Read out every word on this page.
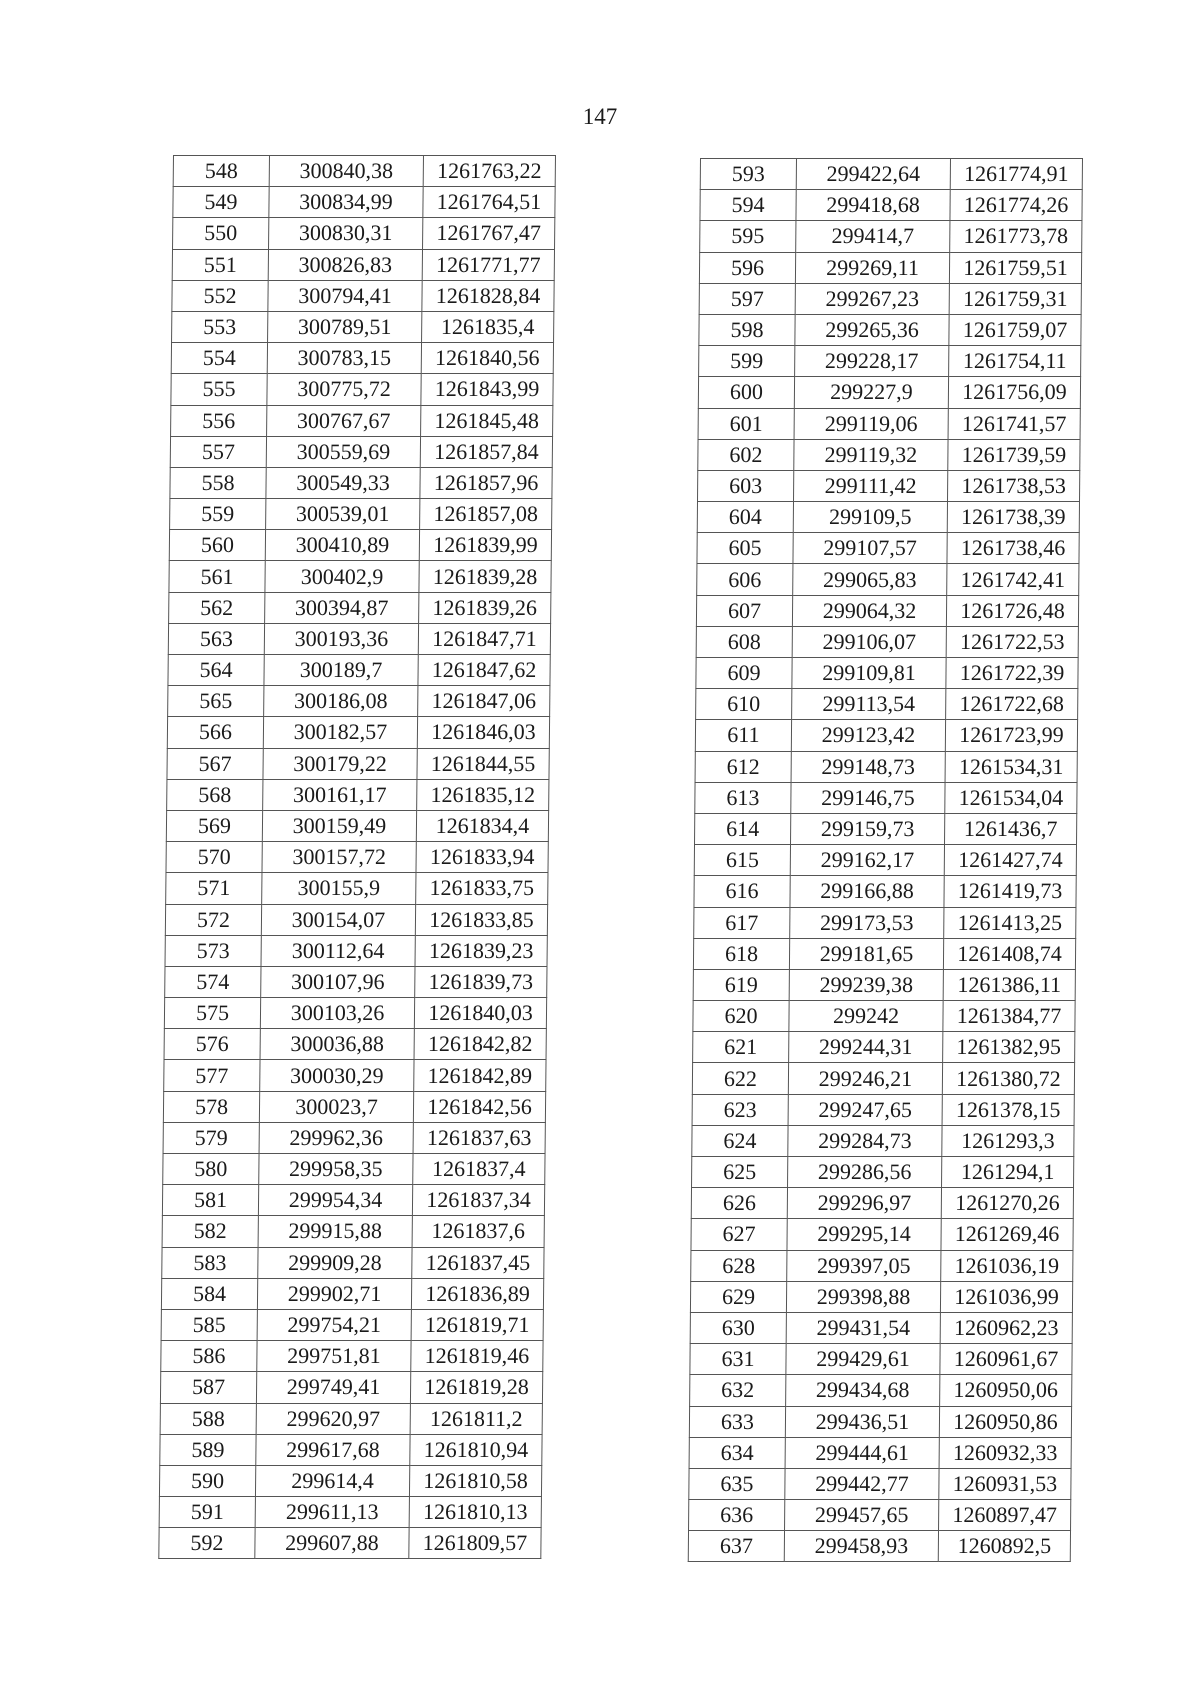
147
548	300840,38	1261763,22
549	300834,99	1261764,51
550	300830,31	1261767,47
551	300826,83	1261771,77
552	300794,41	1261828,84
553	300789,51	1261835,4
554	300783,15	1261840,56
555	300775,72	1261843,99
556	300767,67	1261845,48
557	300559,69	1261857,84
558	300549,33	1261857,96
559	300539,01	1261857,08
560	300410,89	1261839,99
561	300402,9	1261839,28
562	300394,87	1261839,26
563	300193,36	1261847,71
564	300189,7	1261847,62
565	300186,08	1261847,06
566	300182,57	1261846,03
567	300179,22	1261844,55
568	300161,17	1261835,12
569	300159,49	1261834,4
570	300157,72	1261833,94
571	300155,9	1261833,75
572	300154,07	1261833,85
573	300112,64	1261839,23
574	300107,96	1261839,73
575	300103,26	1261840,03
576	300036,88	1261842,82
577	300030,29	1261842,89
578	300023,7	1261842,56
579	299962,36	1261837,63
580	299958,35	1261837,4
581	299954,34	1261837,34
582	299915,88	1261837,6
583	299909,28	1261837,45
584	299902,71	1261836,89
585	299754,21	1261819,71
586	299751,81	1261819,46
587	299749,41	1261819,28
588	299620,97	1261811,2
589	299617,68	1261810,94
590	299614,4	1261810,58
591	299611,13	1261810,13
592	299607,88	1261809,57
593	299422,64	1261774,91
594	299418,68	1261774,26
595	299414,7	1261773,78
596	299269,11	1261759,51
597	299267,23	1261759,31
598	299265,36	1261759,07
599	299228,17	1261754,11
600	299227,9	1261756,09
601	299119,06	1261741,57
602	299119,32	1261739,59
603	299111,42	1261738,53
604	299109,5	1261738,39
605	299107,57	1261738,46
606	299065,83	1261742,41
607	299064,32	1261726,48
608	299106,07	1261722,53
609	299109,81	1261722,39
610	299113,54	1261722,68
611	299123,42	1261723,99
612	299148,73	1261534,31
613	299146,75	1261534,04
614	299159,73	1261436,7
615	299162,17	1261427,74
616	299166,88	1261419,73
617	299173,53	1261413,25
618	299181,65	1261408,74
619	299239,38	1261386,11
620	299242	1261384,77
621	299244,31	1261382,95
622	299246,21	1261380,72
623	299247,65	1261378,15
624	299284,73	1261293,3
625	299286,56	1261294,1
626	299296,97	1261270,26
627	299295,14	1261269,46
628	299397,05	1261036,19
629	299398,88	1261036,99
630	299431,54	1260962,23
631	299429,61	1260961,67
632	299434,68	1260950,06
633	299436,51	1260950,86
634	299444,61	1260932,33
635	299442,77	1260931,53
636	299457,65	1260897,47
637	299458,93	1260892,5
